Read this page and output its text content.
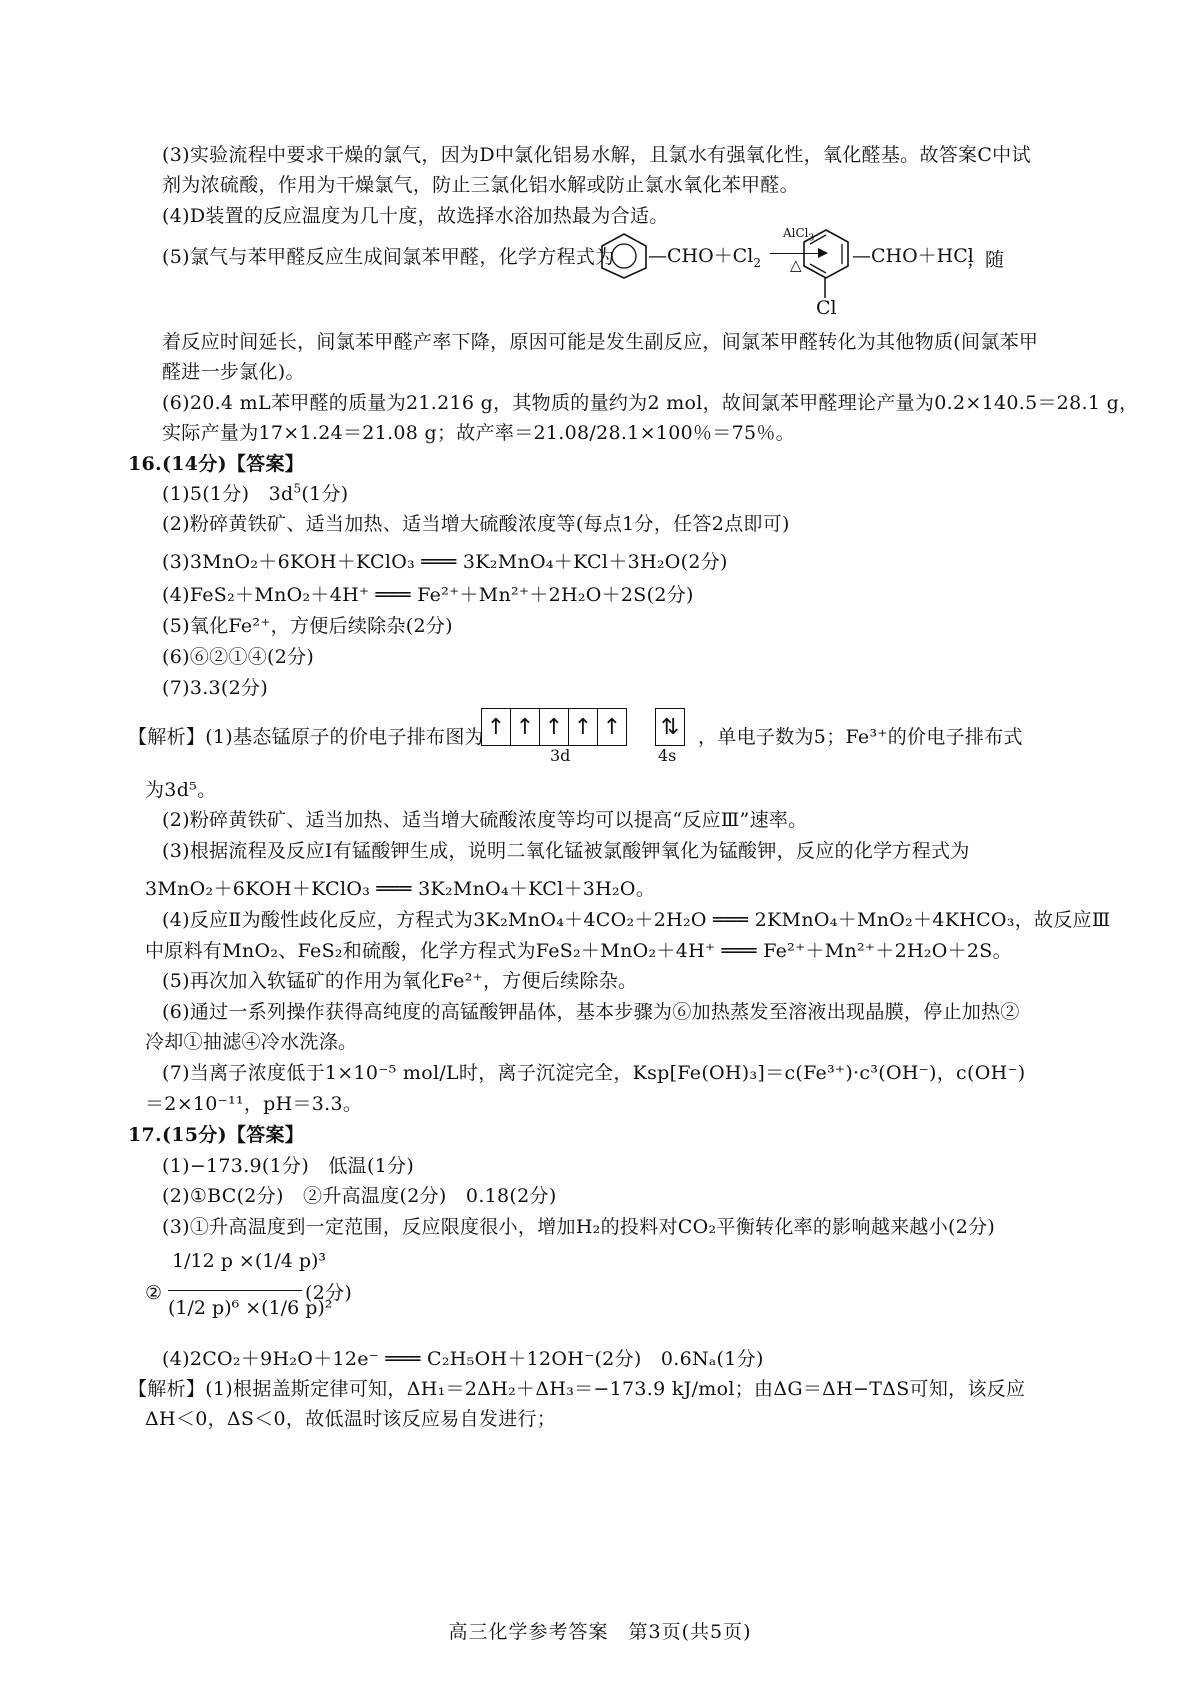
(3)实验流程中要求干燥的氯气，因为D中氯化铝易水解，且氯水有强氧化性，氧化醛基。故答案C中试
剂为浓硫酸，作用为干燥氯气，防止三氯化铝水解或防止氯水氧化苯甲醛。
(4)D装置的反应温度为几十度，故选择水浴加热最为合适。
(5)氯气与苯甲醛反应生成间氯苯甲醛，化学方程式为 $—CHO+Cl_2$
AlCl$_3$
△
Cl
—CHO＋HCl
；随
着反应时间延长，间氯苯甲醛产率下降，原因可能是发生副反应，间氯苯甲醛转化为其他物质(间氯苯甲
醛进一步氯化)。
(6)20.4 mL苯甲醛的质量为21.216 g，其物质的量约为2 mol，故间氯苯甲醛理论产量为0.2×140.5＝28.1 g，
实际产量为17×1.24＝21.08 g；故产率＝21.08/28.1×100％＝75％。
16.(14分)【答案】
(1)5(1分)　$3d^5(1$分)
(2)粉碎黄铁矿、适当加热、适当增大硫酸浓度等(每点1分，任答2点即可)
(3)3MnO₂＋6KOH＋KClO₃ ═══ 3K₂MnO₄＋KCl＋3H₂O(2分)
(4)FeS₂＋MnO₂＋4H⁺ ═══ Fe²⁺＋Mn²⁺＋2H₂O＋2S(2分)
(5)氧化Fe²⁺，方便后续除杂(2分)
(6)⑥②①④(2分)
(7)3.3(2分)
【解析】(1)基态锰原子的价电子排布图为 ↑ ↑ ↑ ↑ ↑ ⇅
3d	4s
，单电子数为5；Fe³⁺的价电子排布式
为3d⁵。
(2)粉碎黄铁矿、适当加热、适当增大硫酸浓度等均可以提高“反应Ⅲ”速率。
(3)根据流程及反应Ⅰ有锰酸钾生成，说明二氧化锰被氯酸钾氧化为锰酸钾，反应的化学方程式为
3MnO₂＋6KOH＋KClO₃ ═══ 3K₂MnO₄＋KCl＋3H₂O。
(4)反应Ⅱ为酸性歧化反应，方程式为3K₂MnO₄＋4CO₂＋2H₂O ═══ 2KMnO₄＋MnO₂＋4KHCO₃，故反应Ⅲ
中原料有MnO₂、FeS₂和硫酸，化学方程式为FeS₂＋MnO₂＋4H⁺ ═══ Fe²⁺＋Mn²⁺＋2H₂O＋2S。
(5)再次加入软锰矿的作用为氧化Fe²⁺，方便后续除杂。
(6)通过一系列操作获得高纯度的高锰酸钾晶体，基本步骤为⑥加热蒸发至溶液出现晶膜，停止加热②
冷却①抽滤④冷水洗涤。
(7)当离子浓度低于1×10⁻⁵ mol/L时，离子沉淀完全，Ksp[Fe(OH)₃]＝c(Fe³⁺)·c³(OH⁻)，c(OH⁻)
＝2×10⁻¹¹，pH＝3.3。
17.(15分)【答案】
(1)−173.9(1分)　低温(1分)
(2)①BC(2分)　②升高温度(2分)　0.18(2分)
(3)①升高温度到一定范围，反应限度很小，增加H₂的投料对CO₂平衡转化率的影响越来越小(2分)
②
1/12 p ×(1/4 p)³
(1/2 p)⁶ ×(1/6 p)²
(2分)
(4)2CO₂＋9H₂O＋12e⁻ ═══ C₂H₅OH＋12OH⁻(2分)　0.6Nₐ(1分)
【解析】(1)根据盖斯定律可知，ΔH₁＝2ΔH₂＋ΔH₃＝−173.9 kJ/mol；由ΔG＝ΔH−TΔS可知，该反应
ΔH＜0，ΔS＜0，故低温时该反应易自发进行；
高三化学参考答案　第3页(共5页)
